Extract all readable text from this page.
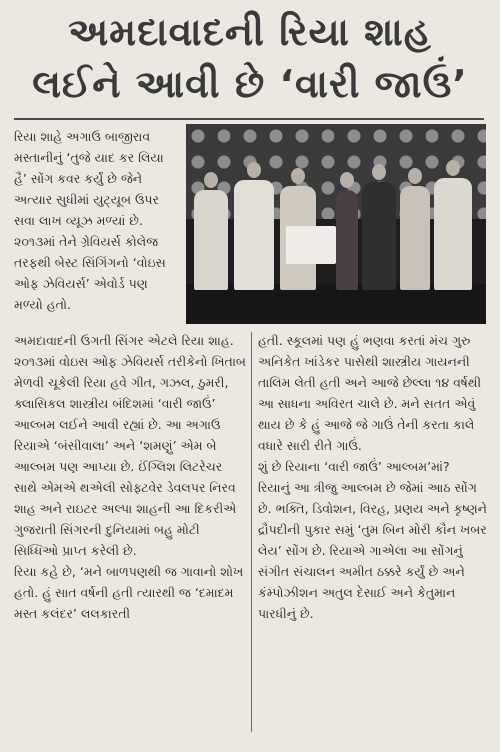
અમદાવાદની રિયા શાહ
લઈને આવી છે ‘વારી જાઉં’

રિયા શાહે અગાઉ બાજીરાવ મસ્તાનીનું ‘તુજે યાદ કર લિયા હૈ’ સોંગ કવર કર્યું છે જેને અત્યાર સુધીમાં યુટ્યૂબ ઉપર સવા લાખ વ્યૂઝ મળ્યાં છે. ૨૦૧૩માં તેને ગ્રેવિયર્સ કોલેજ તરફથી બેસ્ટ સિંગિંગનો ‘વોઇસ ઓફ ઝેવિયર્સ’ એવોર્ડ પણ મળ્યો હતો.

અમદાવાદની ઉગતી સિંગર એટલે રિયા શાહ. ૨૦૧૩માં વોઇસ ઓફ ઝેવિયર્સ તરીકેનો ખિતાબ મેળવી ચૂકેલી રિયા હવે ગીત, ગઝલ, ઠુમરી, ક્લાસિકલ શાસ્ત્રીય બંદિશમાં ‘વારી જાઉં’ આલ્બમ લઈને આવી રહ્યાં છે. આ અગાઉ રિયાએ ‘બંસીવાલા’ અને ‘શમણું’ એમ બે આલ્બમ પણ આપ્યા છે. ઈંગ્લિશ લિટરેચર સાથે એમએ થએલી સોફ્ટવેર ડેવલપર નિરવ શાહ અને રાઇટર અલ્પા શાહની આ દિકરીએ ગુજરાતી સિંગરની દુનિયામાં બહુ મોટી સિધ્ધિઓ પ્રાપ્ત કરેલી છે.

રિયા કહે છે, ‘મને બાળપણથી જ ગાવાનો શોખ હતો. હું સાત વર્ષની હતી ત્યારથી જ ‘દમાદમ મસ્ત કલંદર’ લલકારતી

હતી. સ્કૂલમાં પણ હું ભણવા કરતાં મંચ ગુરુ અનિકેત ખાંડેકર પાસેથી શાસ્ત્રીય ગાયનની તાલિમ લેતી હતી અને આજે છેલ્લા ૧૪ વર્ષથી આ સાધના અવિરત ચાલે છે. મને સતત એવું થાય છે કે હું આજે જે ગાઉં તેની કરતા કાલે વધારે સારી રીતે ગાઉં.

શું છે રિયાના ‘વારી જાઉં’ આલ્બમ’માં?

રિયાનું આ ત્રીજુ આલ્બમ છે જેમાં આઠ સોંગ છે. ભક્તિ, ડિવોશન, વિરહ, પ્રણય અને કૃષ્ણને દ્રૌપદીની પુકાર સમું ‘તુમ બિન મોરી કૌન ખબર લેય’ સોંગ છે. રિયાએ ગાએલા આ સોંગનું સંગીત સંચાલન અમીત ઠક્કરે કર્યું છે અને કંમ્પોઝીશન અતુલ દેસાઈ અને કેતુમાન પારધીનું છે.
